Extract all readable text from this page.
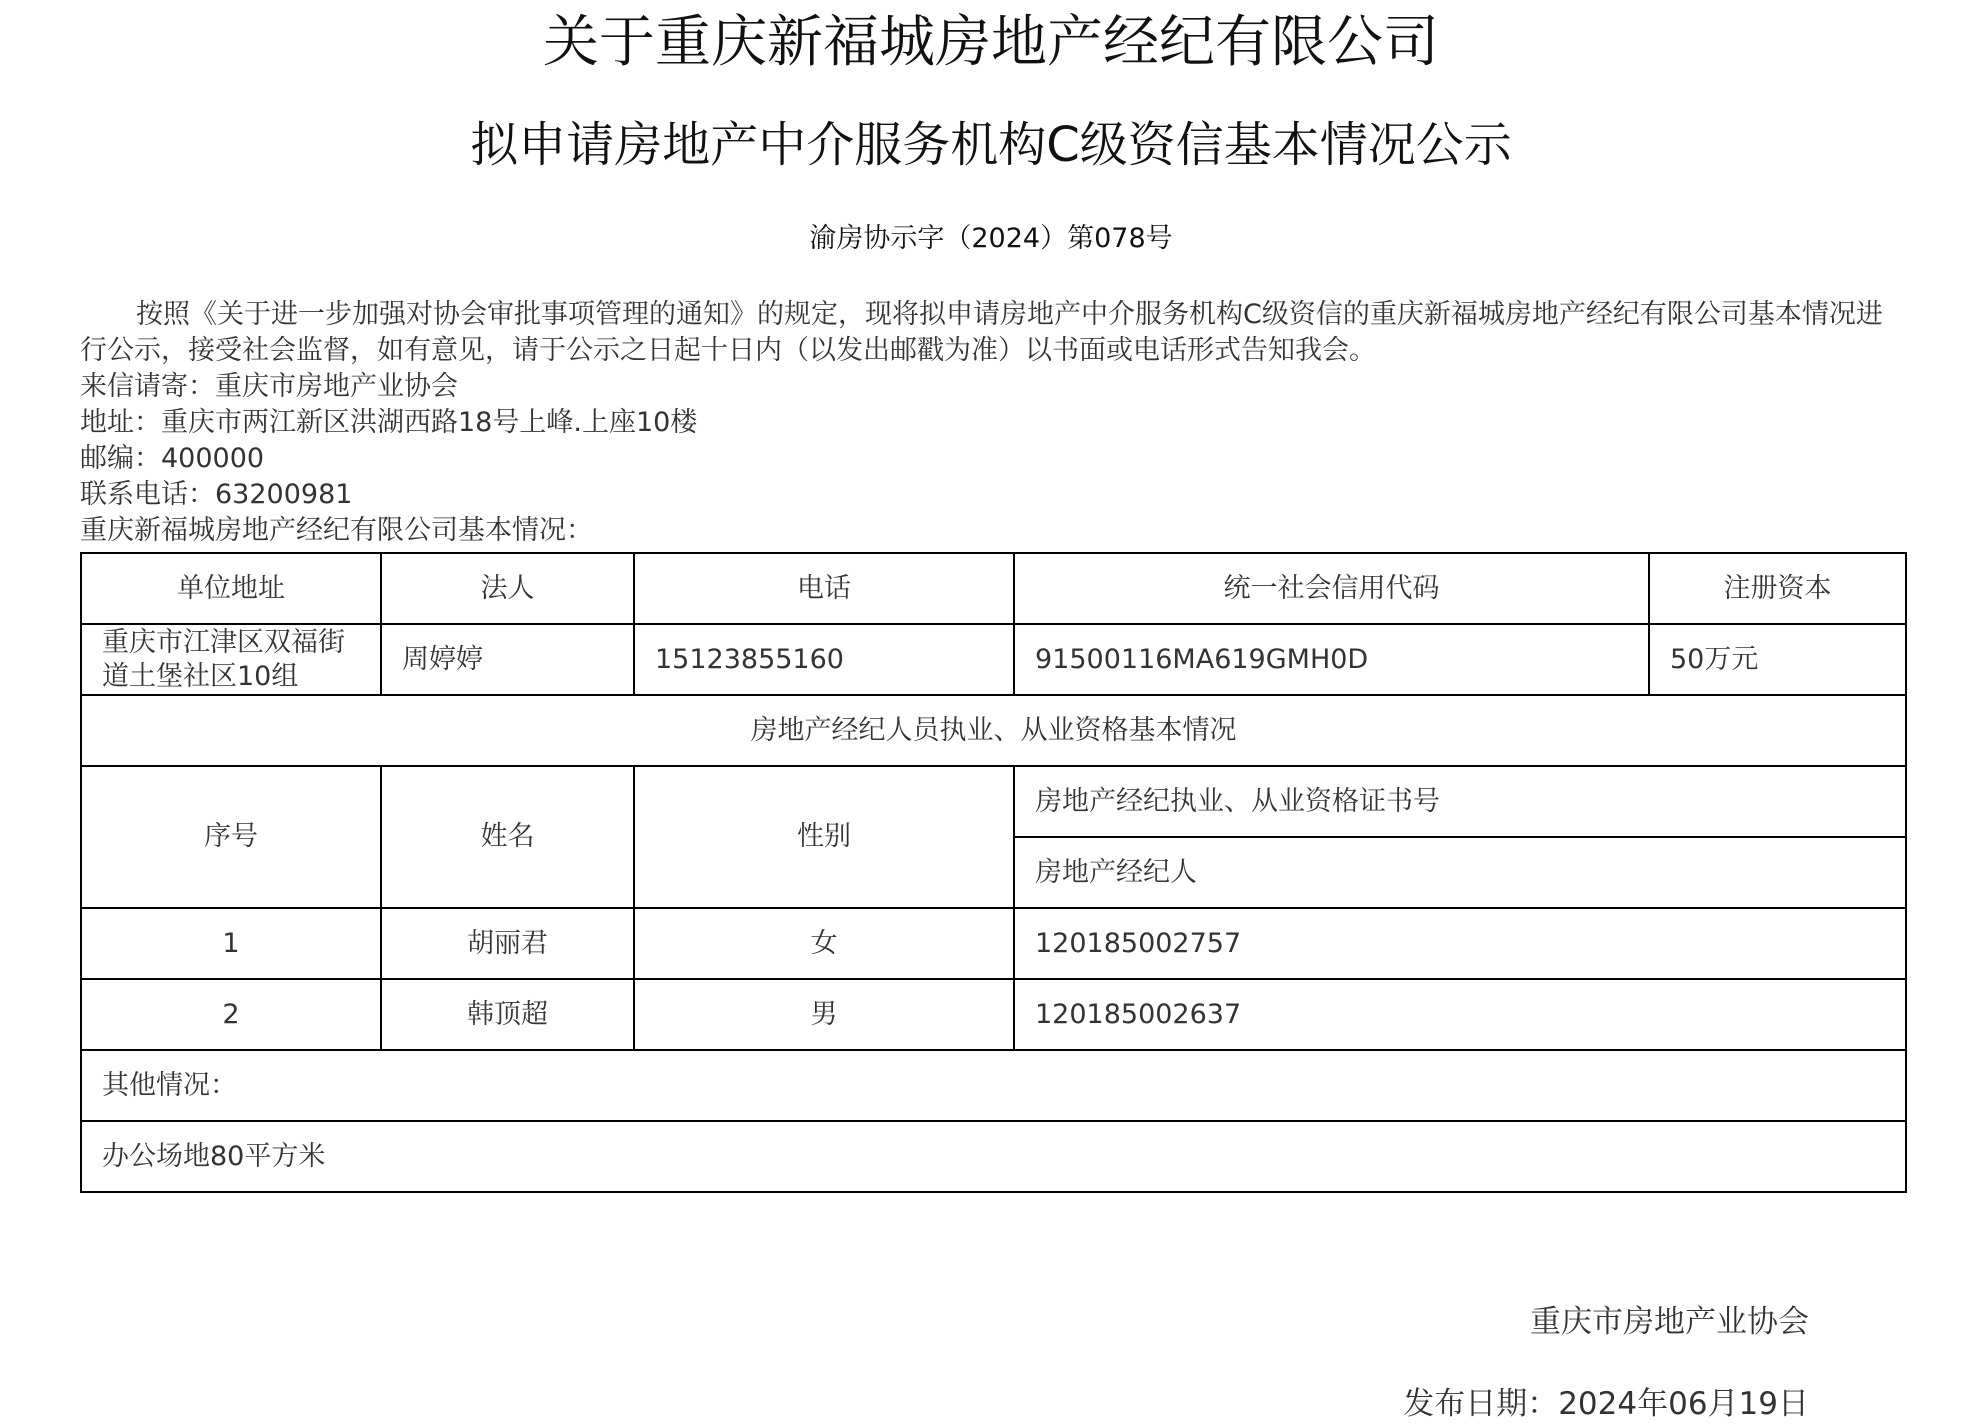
关于重庆新福城房地产经纪有限公司
拟申请房地产中介服务机构C级资信基本情况公示
渝房协示字（2024）第078号

按照《关于进一步加强对协会审批事项管理的通知》的规定，现将拟申请房地产中介服务机构C级资信的重庆新福城房地产经纪有限公司基本情况进行公示，接受社会监督，如有意见，请于公示之日起十日内（以发出邮戳为准）以书面或电话形式告知我会。

来信请寄：重庆市房地产业协会
地址：重庆市两江新区洪湖西路18号上峰.上座10楼
邮编：400000
联系电话：63200981
重庆新福城房地产经纪有限公司基本情况：
单位地址	法人	电话	统一社会信用代码	注册资本
重庆市江津区双福街道土堡社区10组	周婷婷	15123855160	91500116MA619GMH0D	50万元
房地产经纪人员执业、从业资格基本情况				
序号	姓名	性别	房地产经纪执业、从业资格证书号	
			房地产经纪人	
1	胡丽君	女	120185002757	
2	韩顶超	男	120185002637	
其他情况：				
办公场地80平方米				
重庆市房地产业协会
发布日期：2024年06月19日
